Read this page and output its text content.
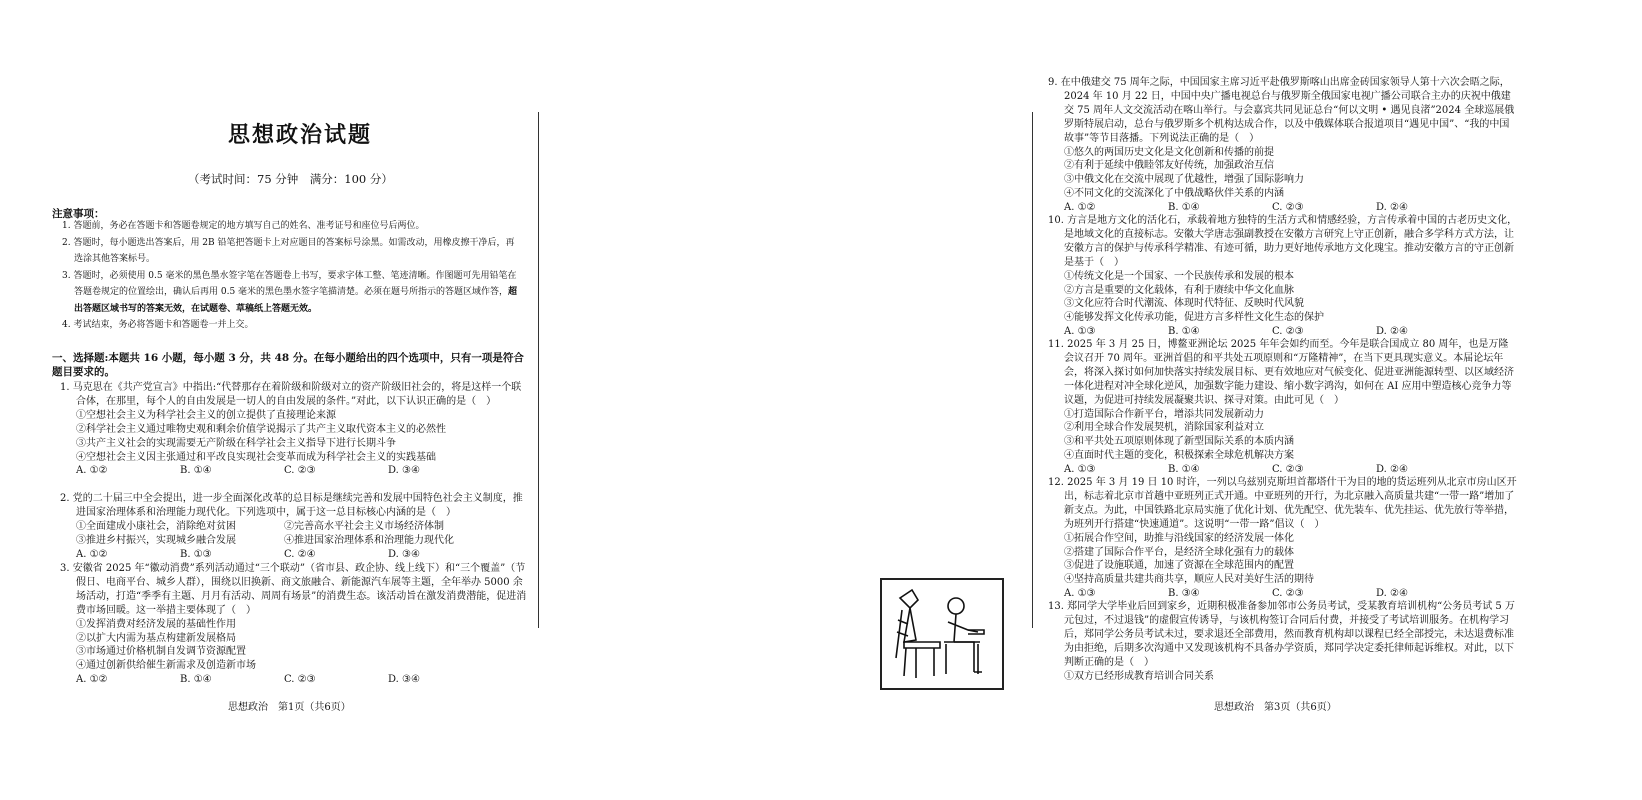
思想政治试题
（考试时间：75 分钟　满分：100 分）
注意事项：
1. 答题前，务必在答题卡和答题卷规定的地方填写自己的姓名、准考证号和座位号后两位。
2. 答题时，每小题选出答案后，用 2B 铅笔把答题卡上对应题目的答案标号涂黑。如需改动，用橡皮擦干净后，再选涂其他答案标号。
3. 答题时，必须使用 0.5 毫米的黑色墨水签字笔在答题卷上书写，要求字体工整、笔迹清晰。作图题可先用铅笔在答题卷规定的位置绘出，确认后再用 0.5 毫米的黑色墨水签字笔描清楚。必须在题号所指示的答题区域作答，超出答题区域书写的答案无效，在试题卷、草稿纸上答题无效。
4. 考试结束，务必将答题卡和答题卷一并上交。
一、选择题:本题共 16 小题，每小题 3 分，共 48 分。在每小题给出的四个选项中，只有一项是符合题目要求的。
1. 马克思在《共产党宣言》中指出:“代替那存在着阶级和阶级对立的资产阶级旧社会的，将是这样一个联合体，在那里，每个人的自由发展是一切人的自由发展的条件。”对此，以下认识正确的是（　）
①空想社会主义为科学社会主义的创立提供了直接理论来源
②科学社会主义通过唯物史观和剩余价值学说揭示了共产主义取代资本主义的必然性
③共产主义社会的实现需要无产阶级在科学社会主义指导下进行长期斗争
④空想社会主义因主张通过和平改良实现社会变革而成为科学社会主义的实践基础
A. ①②	B. ①④	C. ②③	D. ③④
2. 党的二十届三中全会提出，进一步全面深化改革的总目标是继续完善和发展中国特色社会主义制度，推进国家治理体系和治理能力现代化。下列选项中，属于这一总目标核心内涵的是（　）
①全面建成小康社会，消除绝对贫困	②完善高水平社会主义市场经济体制
③推进乡村振兴，实现城乡融合发展	④推进国家治理体系和治理能力现代化
A. ①②	B. ①③	C. ②④	D. ③④
3. 安徽省 2025 年“徽动消费”系列活动通过“三个联动”（省市县、政企协、线上线下）和“三个覆盖”（节假日、电商平台、城乡人群），围绕以旧换新、商文旅融合、新能源汽车展等主题，全年举办 5000 余场活动，打造“季季有主题、月月有活动、周周有场景”的消费生态。该活动旨在激发消费潜能，促进消费市场回暖。这一举措主要体现了（　）
①发挥消费对经济发展的基础性作用
②以扩大内需为基点构建新发展格局
③市场通过价格机制自发调节资源配置
④通过创新供给催生新需求及创造新市场
A. ①②	B. ①④	C. ②③	D. ③④
思想政治　第1页（共6页）
9. 在中俄建交 75 周年之际，中国国家主席习近平赴俄罗斯喀山出席金砖国家领导人第十六次会晤之际，2024 年 10 月 22 日，中国中央广播电视总台与俄罗斯全俄国家电视广播公司联合主办的庆祝中俄建交 75 周年人文交流活动在喀山举行。与会嘉宾共同见证总台“何以文明 • 遇见良渚”2024 全球巡展俄罗斯特展启动，总台与俄罗斯多个机构达成合作，以及中俄媒体联合报道项目“遇见中国”、“我的中国故事”等节目落播。下列说法正确的是（　）
①悠久的两国历史文化是文化创新和传播的前提
②有利于延续中俄睦邻友好传统，加强政治互信
③中俄文化在交流中展现了优越性，增强了国际影响力
④不同文化的交流深化了中俄战略伙伴关系的内涵
A. ①②	B. ①④	C. ②③	D. ②④
10. 方言是地方文化的活化石，承载着地方独特的生活方式和情感经验，方言传承着中国的古老历史文化，是地域文化的直接标志。安徽大学唐志强副教授在安徽方言研究上守正创新，融合多学科方式方法，让安徽方言的保护与传承科学精准、有迹可循，助力更好地传承地方文化瑰宝。推动安徽方言的守正创新是基于（　）
①传统文化是一个国家、一个民族传承和发展的根本
②方言是重要的文化载体，有利于赓续中华文化血脉
③文化应符合时代潮流、体现时代特征、反映时代风貌
④能够发挥文化传承功能，促进方言多样性文化生态的保护
A. ①③	B. ①④	C. ②③	D. ②④
11. 2025 年 3 月 25 日，博鳌亚洲论坛 2025 年年会如约而至。今年是联合国成立 80 周年，也是万隆会议召开 70 周年。亚洲首倡的和平共处五项原则和“万隆精神”，在当下更具现实意义。本届论坛年会，将深入探讨如何加快落实持续发展目标、更有效地应对气候变化、促进亚洲能源转型、以区域经济一体化进程对冲全球化逆风，加强数字能力建设、缩小数字鸿沟，如何在 AI 应用中塑造核心竞争力等议题，为促进可持续发展凝聚共识、探寻对策。由此可见（　）
①打造国际合作新平台，增添共同发展新动力
②利用全球合作发展契机，消除国家利益对立
③和平共处五项原则体现了新型国际关系的本质内涵
④直面时代主题的变化，积极探索全球危机解决方案
A. ①③	B. ①④	C. ②③	D. ②④
12. 2025 年 3 月 19 日 10 时许，一列以乌兹别克斯坦首都塔什干为目的地的货运班列从北京市房山区开出，标志着北京市首趟中亚班列正式开通。中亚班列的开行，为北京融入高质量共建“一带一路”增加了新支点。为此，中国铁路北京局实施了优化计划、优先配空、优先装车、优先挂运、优先放行等举措，为班列开行搭建“快速通道”。这说明“一带一路”倡议（　）
①拓展合作空间，助推与沿线国家的经济发展一体化
②搭建了国际合作平台，是经济全球化强有力的载体
③促进了设施联通，加速了资源在全球范围内的配置
④坚持高质量共建共商共享，顺应人民对美好生活的期待
A. ①③	B. ③④	C. ②③	D. ②④
13. 郑同学大学毕业后回到家乡，近期积极准备参加邻市公务员考试，受某教育培训机构“公务员考试 5 万元包过，不过退钱”的虚假宣传诱导，与该机构签订合同后付费，并接受了考试培训服务。在机构学习后，郑同学公务员考试未过，要求退还全部费用，然而教育机构却以课程已经全部授完，未达退费标准为由拒绝，后期多次沟通中又发现该机构不具备办学资质，郑同学决定委托律师起诉维权。对此，以下判断正确的是（　）
①双方已经形成教育培训合同关系
思想政治　第3页（共6页）
